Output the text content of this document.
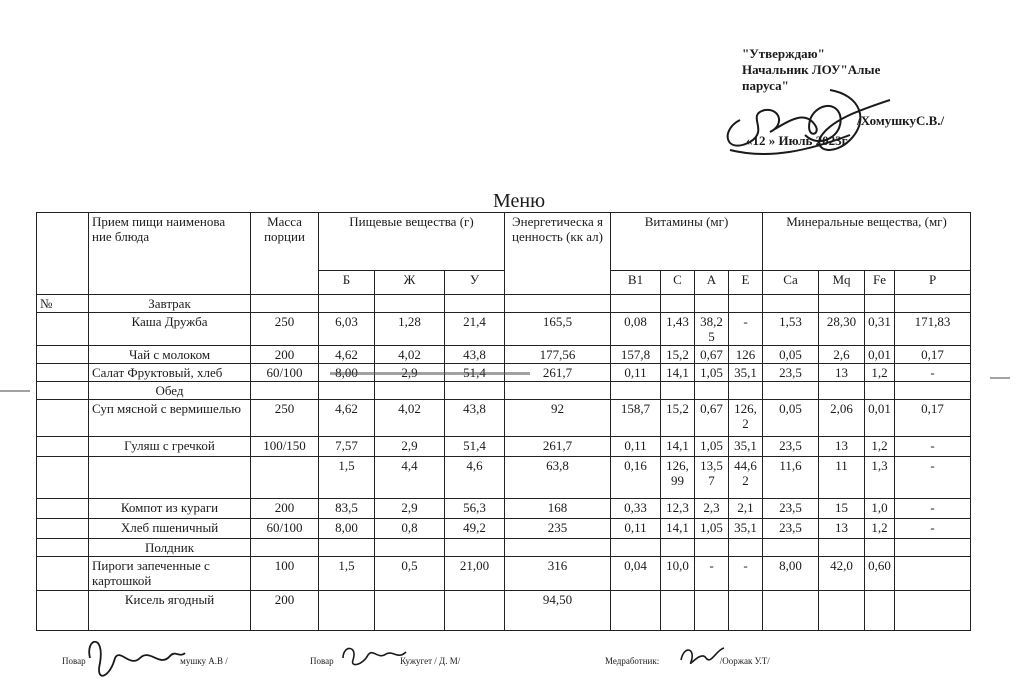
"Утверждаю"
Начальник ЛОУ"Алые
паруса"
/ХомушкуС.В./
«12 » Июль 2023г
Меню
	Прием пищи наименова ние блюда	Масса порции	Пищевые вещества (г)			Энергетическа я ценность (кк ал)	Витамины (мг)				Минеральные вещества, (мг)			
			Б	Ж	У		B1	C	A	E	Ca	Mq	Fe	P
№	Завтрак													
	Каша Дружба	250	6,03	1,28	21,4	165,5	0,08	1,43	38,25	-	1,53	28,30	0,31	171,83
	Чай с молоком	200	4,62	4,02	43,8	177,56	157,8	15,2	0,67	126	0,05	2,6	0,01	0,17
	Салат Фруктовый, хлеб	60/100				261,7	0,11	14,1	1,05	35,1	23,5	13	1,2	-
	Обед													
	Суп мясной с вермишелью	250	4,62	4,02	43,8	92	158,7	15,2	0,67	126, 2	0,05	2,06	0,01	0,17
	Гуляш с гречкой	100/150	7,57	2,9	51,4	261,7	0,11	14,1	1,05	35,1	23,5	13	1,2	-
			1,5	4,4	4,6	63,8	0,16	126, 99	13,57	44,6 2	11,6	11	1,3	-
	Компот из кураги	200	83,5	2,9	56,3	168	0,33	12,3	2,3	2,1	23,5	15	1,0	-
	Хлеб пшеничный	60/100	8,00	0,8	49,2	235	0,11	14,1	1,05	35,1	23,5	13	1,2	-
	Полдник													
	Пироги запеченные с картошкой	100	1,5	0,5	21,00	316	0,04	10,0	-	-	8,00	42,0	0,60	
	Кисель ягодный	200				94,50								
Повар	мушку А.В /	Повар	Кужугет / Д. М/	Медработник:	/Ооржак У.Т/
